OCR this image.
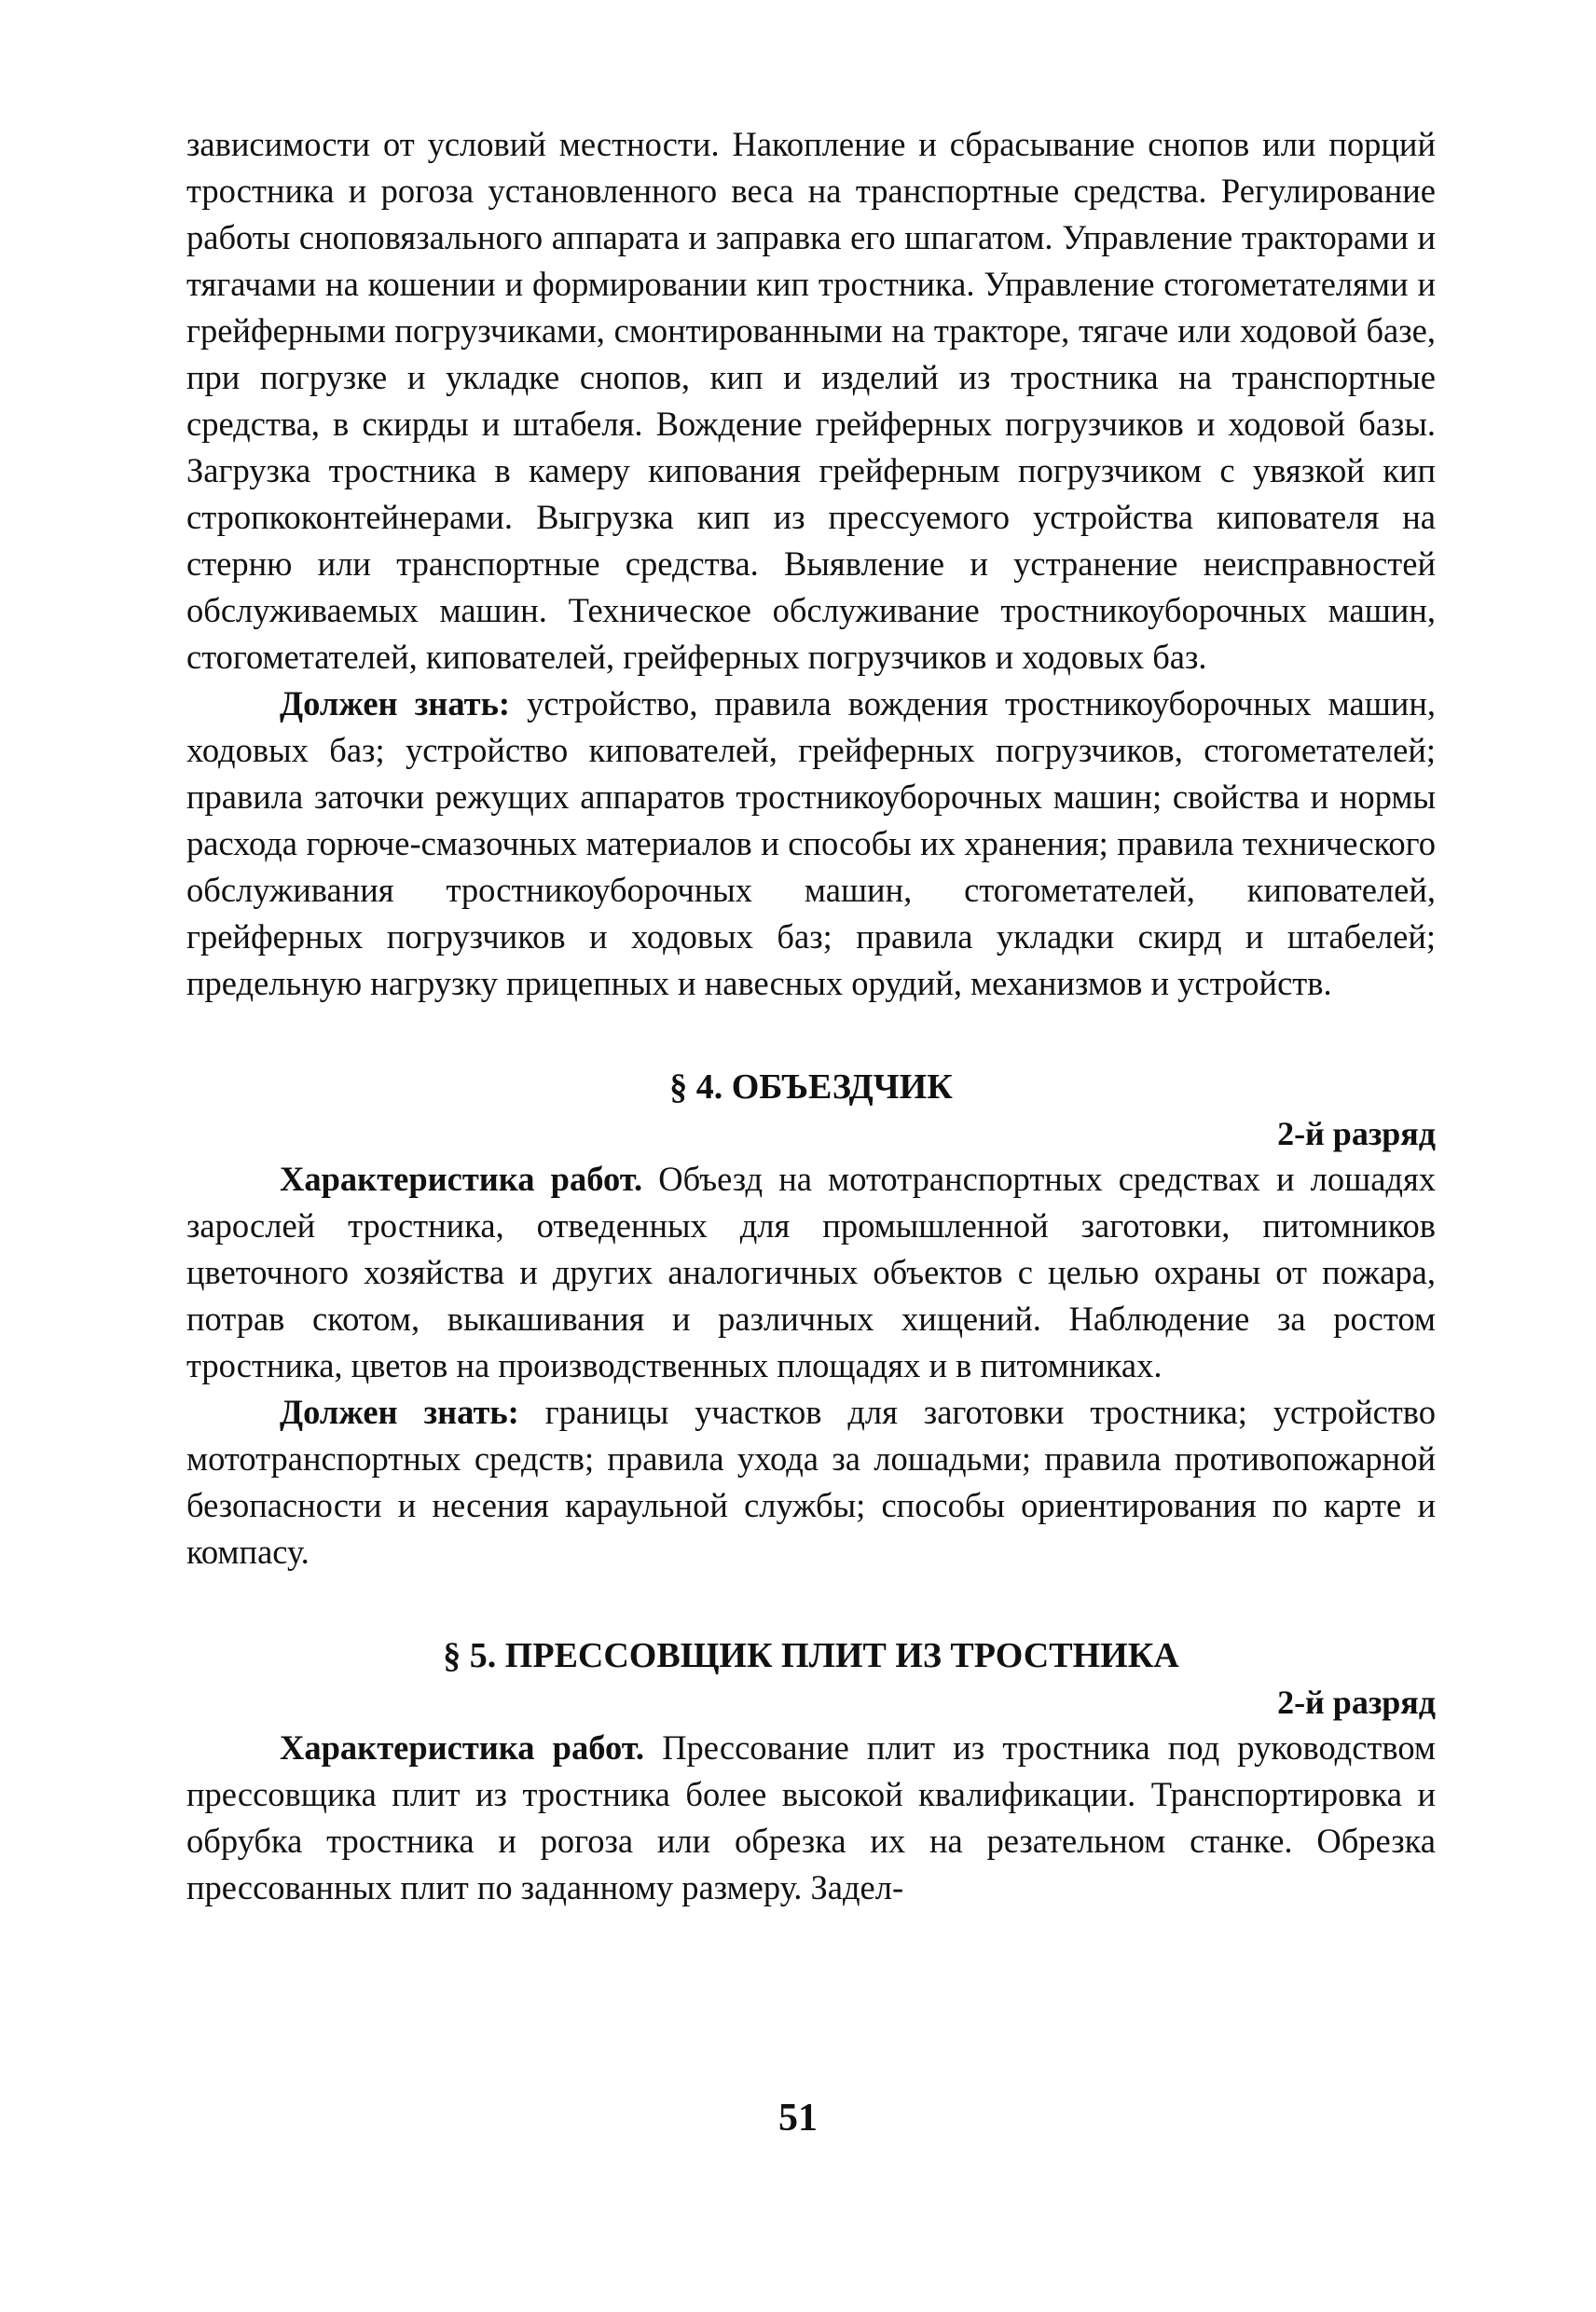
зависимости от условий местности. Накопление и сбрасывание снопов или порций тростника и рогоза установленного веса на транспортные средства. Регулирование работы сноповязального аппарата и заправка его шпагатом. Управление тракторами и тягачами на кошении и формировании кип тростника. Управление стогометателями и грейферными погрузчиками, смонтированными на тракторе, тягаче или ходовой базе, при погрузке и укладке снопов, кип и изделий из тростника на транспортные средства, в скирды и штабеля. Вождение грейферных погрузчиков и ходовой базы. Загрузка тростника в камеру кипования грейферным погрузчиком с увязкой кип стропкоконтейнерами. Выгрузка кип из прессуемого устройства кипователя на стерню или транспортные средства. Выявление и устранение неисправностей обслуживаемых машин. Техническое обслуживание тростникоуборочных машин, стогометателей, кипователей, грейферных погрузчиков и ходовых баз.

Должен знать: устройство, правила вождения тростникоуборочных машин, ходовых баз; устройство кипователей, грейферных погрузчиков, стогометателей; правила заточки режущих аппаратов тростникоуборочных машин; свойства и нормы расхода горюче-смазочных материалов и способы их хранения; правила технического обслуживания тростникоуборочных машин, стогометателей, кипователей, грейферных погрузчиков и ходовых баз; правила укладки скирд и штабелей; предельную нагрузку прицепных и навесных орудий, механизмов и устройств.

§ 4. ОБЪЕЗДЧИК

2-й разряд

Характеристика работ. Объезд на мототранспортных средствах и лошадях зарослей тростника, отведенных для промышленной заготовки, питомников цветочного хозяйства и других аналогичных объектов с целью охраны от пожара, потрав скотом, выкашивания и различных хищений. Наблюдение за ростом тростника, цветов на производственных площадях и в питомниках.

Должен знать: границы участков для заготовки тростника; устройство мототранспортных средств; правила ухода за лошадьми; правила противопожарной безопасности и несения караульной службы; способы ориентирования по карте и компасу.

§ 5. ПРЕССОВЩИК ПЛИТ ИЗ ТРОСТНИКА

2-й разряд

Характеристика работ. Прессование плит из тростника под руководством прессовщика плит из тростника более высокой квалификации. Транспортировка и обрубка тростника и рогоза или обрезка их на резательном станке. Обрезка прессованных плит по заданному размеру. Задел-

51
